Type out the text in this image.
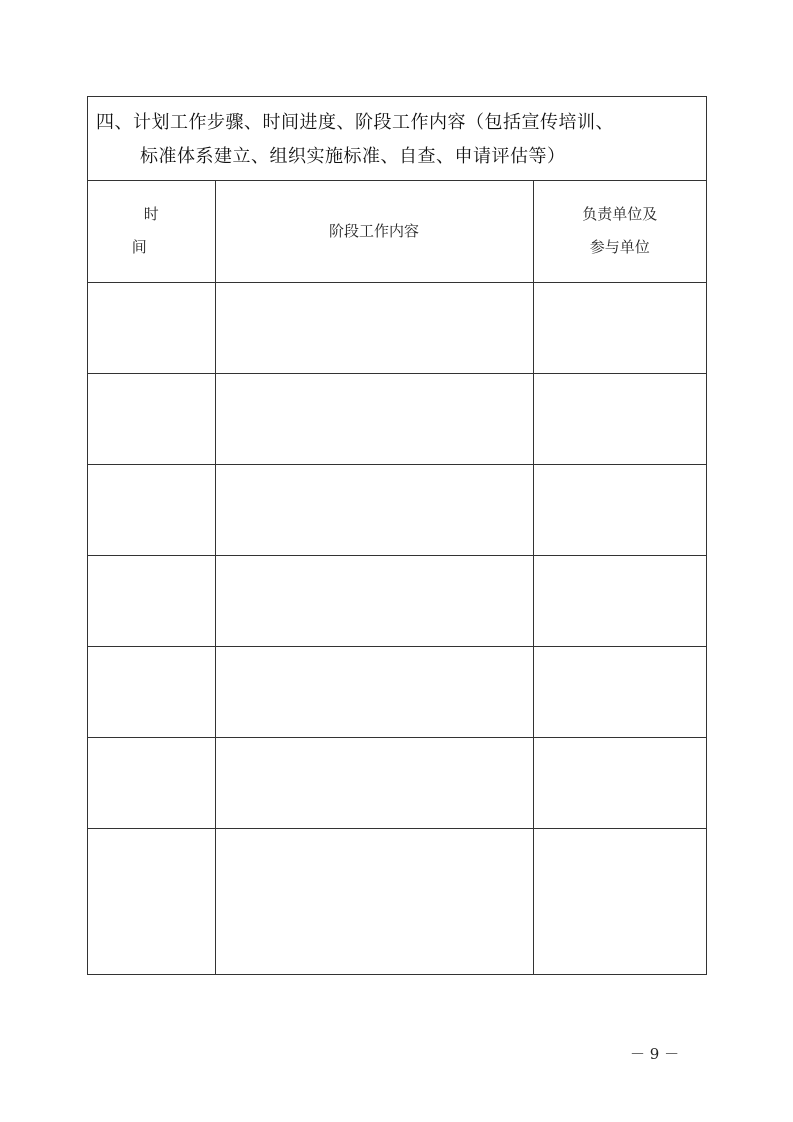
四、计划工作步骤、时间进度、阶段工作内容（包括宣传培训、
标准体系建立、组织实施标准、自查、申请评估等）
时　间	阶段工作内容	负责单位及
参与单位

－ 9 －
